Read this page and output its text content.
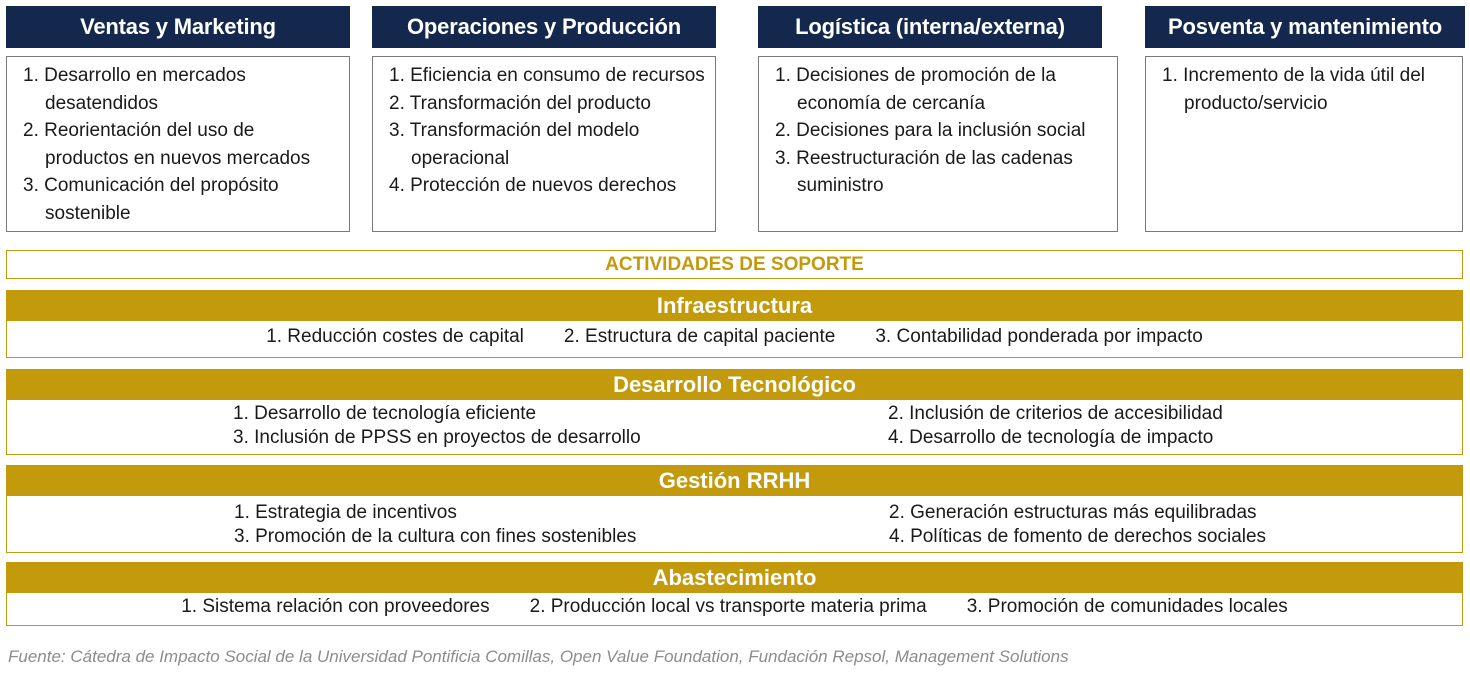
Ventas y Marketing
1. Desarrollo en mercados desatendidos
2. Reorientación del uso de productos en nuevos mercados
3. Comunicación del propósito sostenible
Operaciones y Producción
1. Eficiencia en consumo de recursos
2. Transformación del producto
3. Transformación del modelo operacional
4. Protección de nuevos derechos
Logística (interna/externa)
1. Decisiones de promoción de la economía de cercanía
2. Decisiones para la inclusión social
3. Reestructuración de las cadenas suministro
Posventa y mantenimiento
1. Incremento de la vida útil del producto/servicio
ACTIVIDADES DE SOPORTE
Infraestructura
1. Reducción costes de capital	2. Estructura de capital paciente	3. Contabilidad ponderada por impacto
Desarrollo Tecnológico
1. Desarrollo de tecnología eficiente	2. Inclusión de criterios de accesibilidad
3. Inclusión de PPSS en proyectos de desarrollo	4. Desarrollo de tecnología de impacto
Gestión RRHH
1. Estrategia de incentivos	2. Generación estructuras más equilibradas
3. Promoción de la cultura con fines sostenibles	4. Políticas de fomento de derechos sociales
Abastecimiento
1. Sistema relación con proveedores	2. Producción local vs transporte materia prima	3. Promoción de comunidades locales
Fuente: Cátedra de Impacto Social de la Universidad Pontificia Comillas, Open Value Foundation, Fundación Repsol, Management Solutions
